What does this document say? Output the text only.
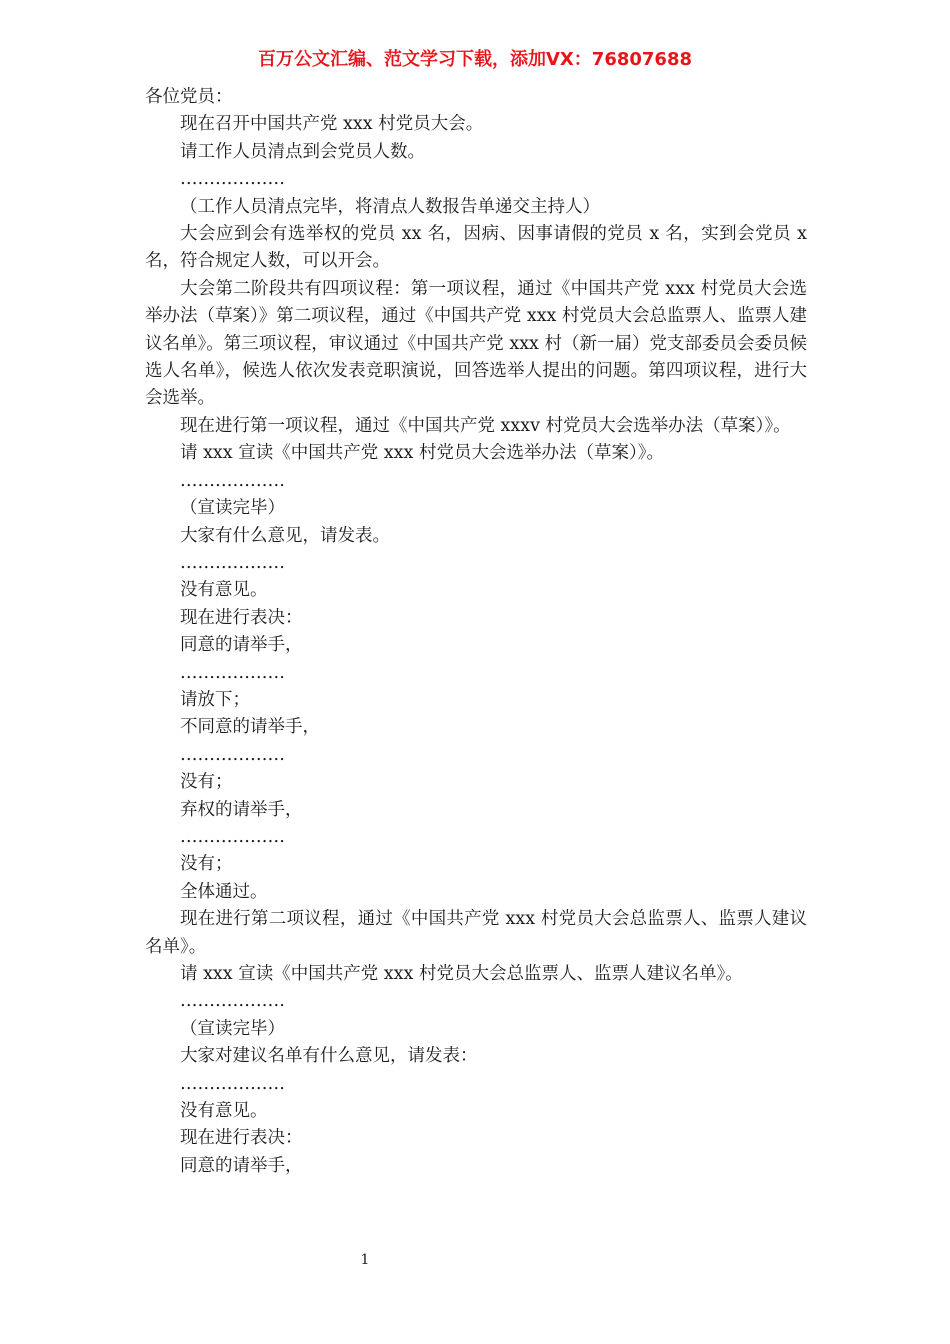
百万公文汇编、范文学习下载，添加VX：76807688

各位党员：

现在召开中国共产党 xxx 村党员大会。

请工作人员清点到会党员人数。

………………

（工作人员清点完毕，将清点人数报告单递交主持人）

大会应到会有选举权的党员 xx 名，因病、因事请假的党员 x 名，实到会党员 x 名，符合规定人数，可以开会。

大会第二阶段共有四项议程：第一项议程，通过《中国共产党 xxx 村党员大会选举办法（草案）》第二项议程，通过《中国共产党 xxx 村党员大会总监票人、监票人建议名单》。第三项议程，审议通过《中国共产党 xxx 村（新一届）党支部委员会委员候选人名单》，候选人依次发表竞职演说，回答选举人提出的问题。第四项议程，进行大会选举。

现在进行第一项议程，通过《中国共产党 xxxv 村党员大会选举办法（草案）》。

请 xxx 宣读《中国共产党 xxx 村党员大会选举办法（草案）》。

………………

（宣读完毕）

大家有什么意见，请发表。

………………

没有意见。

现在进行表决：

同意的请举手，

………………

请放下；

不同意的请举手，

………………

没有；

弃权的请举手，

………………

没有；

全体通过。

现在进行第二项议程，通过《中国共产党 xxx 村党员大会总监票人、监票人建议名单》。

请 xxx 宣读《中国共产党 xxx 村党员大会总监票人、监票人建议名单》。

………………

（宣读完毕）

大家对建议名单有什么意见，请发表：

………………

没有意见。

现在进行表决：

同意的请举手，

1
